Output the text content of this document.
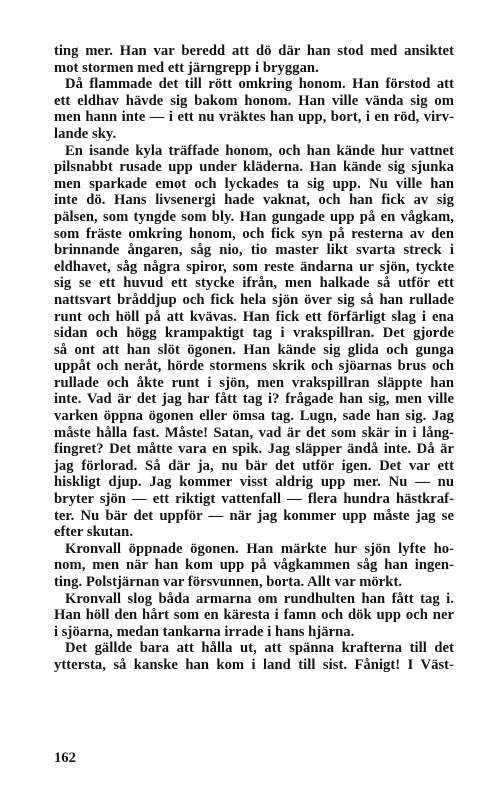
ting mer. Han var beredd att dö där han stod med ansiktet
mot stormen med ett järngrepp i bryggan.
Då flammade det till rött omkring honom. Han förstod att
ett eldhav hävde sig bakom honom. Han ville vända sig om
men hann inte — i ett nu vräktes han upp, bort, i en röd, virv-
lande sky.
En isande kyla träffade honom, och han kände hur vattnet
pilsnabbt rusade upp under kläderna. Han kände sig sjunka
men sparkade emot och lyckades ta sig upp. Nu ville han
inte dö. Hans livsenergi hade vaknat, och han fick av sig
pälsen, som tyngde som bly. Han gungade upp på en vågkam,
som fräste omkring honom, och fick syn på resterna av den
brinnande ångaren, såg nio, tio master likt svarta streck i
eldhavet, såg några spiror, som reste ändarna ur sjön, tyckte
sig se ett huvud ett stycke ifrån, men halkade så utför ett
nattsvart bråddjup och fick hela sjön över sig så han rullade
runt och höll på att kvävas. Han fick ett förfärligt slag i ena
sidan och högg krampaktigt tag i vrakspillran. Det gjorde
så ont att han slöt ögonen. Han kände sig glida och gunga
uppåt och neråt, hörde stormens skrik och sjöarnas brus och
rullade och åkte runt i sjön, men vrakspillran släppte han
inte. Vad är det jag har fått tag i? frågade han sig, men ville
varken öppna ögonen eller ömsa tag. Lugn, sade han sig. Jag
måste hålla fast. Måste! Satan, vad är det som skär in i lång-
fingret? Det måtte vara en spik. Jag släpper ändå inte. Då är
jag förlorad. Så där ja, nu bär det utför igen. Det var ett
hiskligt djup. Jag kommer visst aldrig upp mer. Nu — nu
bryter sjön — ett riktigt vattenfall — flera hundra hästkraf-
ter. Nu bär det uppför — när jag kommer upp måste jag se
efter skutan.
Kronvall öppnade ögonen. Han märkte hur sjön lyfte ho-
nom, men när han kom upp på vågkammen såg han ingen-
ting. Polstjärnan var försvunnen, borta. Allt var mörkt.
Kronvall slog båda armarna om rundhulten han fått tag i.
Han höll den hårt som en käresta i famn och dök upp och ner
i sjöarna, medan tankarna irrade i hans hjärna.
Det gällde bara att hålla ut, att spänna krafterna till det
yttersta, så kanske han kom i land till sist. Fånigt! I Väst-
162
